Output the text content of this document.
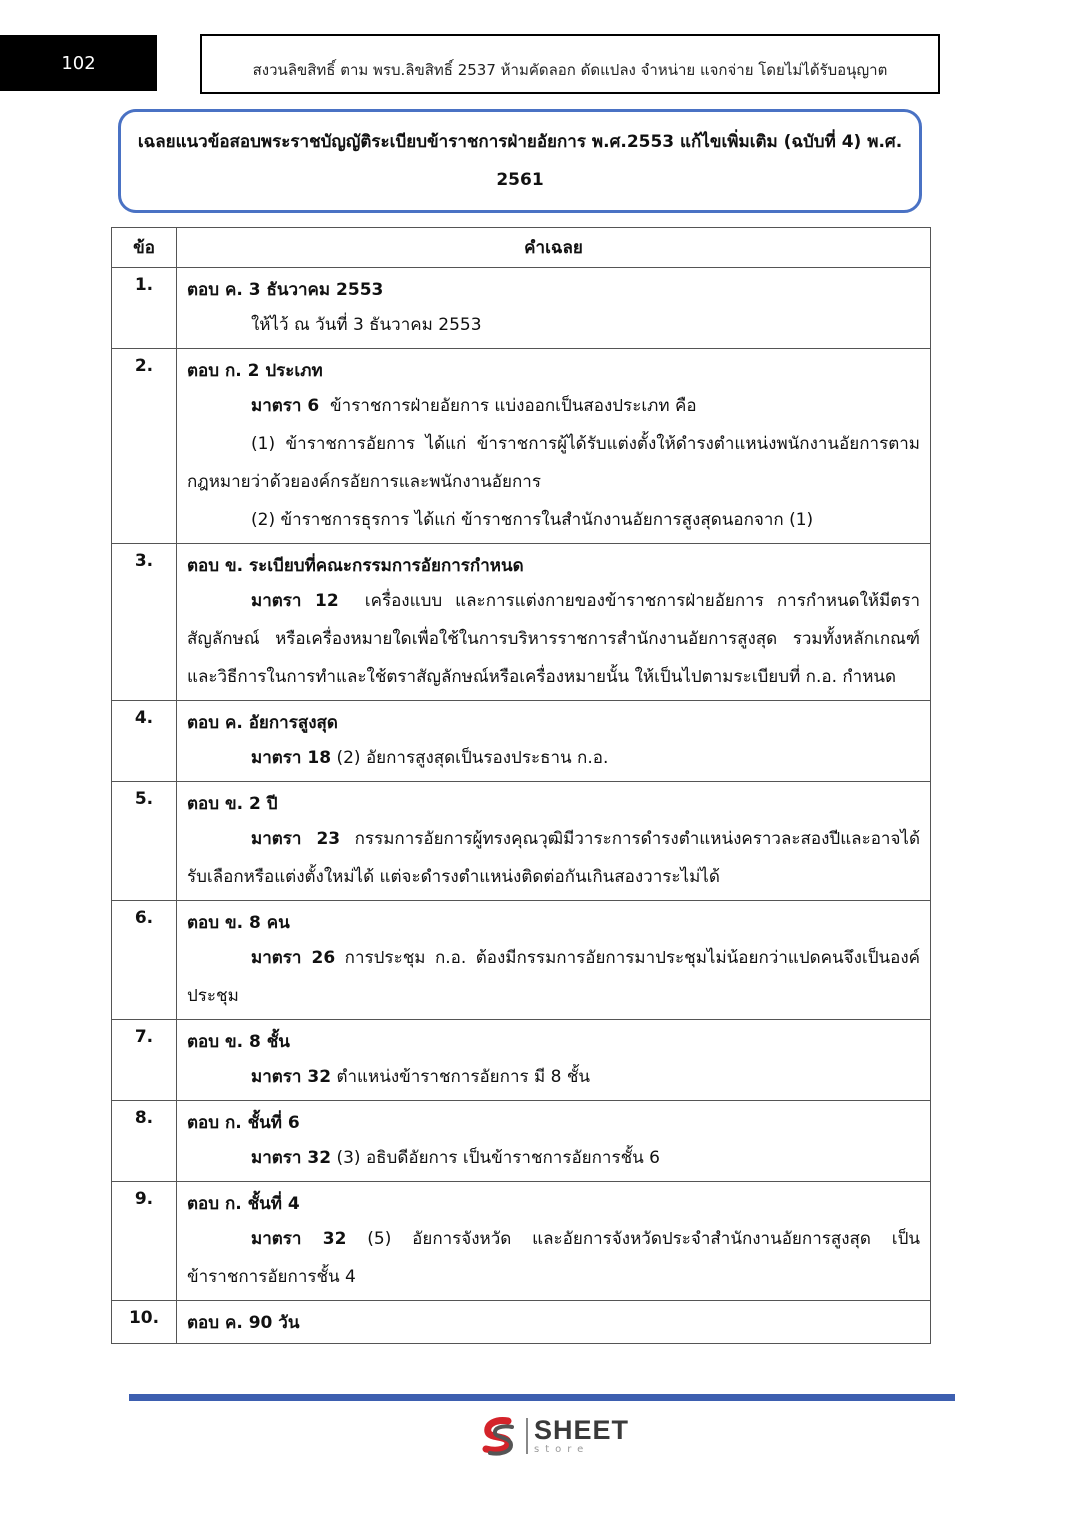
102	สงวนลิขสิทธิ์ ตาม พรบ.ลิขสิทธิ์ 2537 ห้ามคัดลอก ดัดแปลง จำหน่าย แจกจ่าย โดยไม่ได้รับอนุญาต
เฉลยแนวข้อสอบพระราชบัญญัติระเบียบข้าราชการฝ่ายอัยการ พ.ศ.2553 แก้ไขเพิ่มเติม (ฉบับที่ 4) พ.ศ.
2561
ข้อ	คำเฉลย
1.	ตอบ ค. 3 ธันวาคม 2553
ให้ไว้ ณ วันที่ 3 ธันวาคม 2553

2.	ตอบ ก. 2 ประเภท
มาตรา 6 ข้าราชการฝ่ายอัยการ แบ่งออกเป็นสองประเภท คือ
(1) ข้าราชการอัยการ ได้แก่ ข้าราชการผู้ได้รับแต่งตั้งให้ดำรงตำแหน่งพนักงานอัยการตามกฎหมายว่าด้วยองค์กรอัยการและพนักงานอัยการ
(2) ข้าราชการธุรการ ได้แก่ ข้าราชการในสำนักงานอัยการสูงสุดนอกจาก (1)

3.	ตอบ ข. ระเบียบที่คณะกรรมการอัยการกำหนด
มาตรา 12 เครื่องแบบ และการแต่งกายของข้าราชการฝ่ายอัยการ การกำหนดให้มีตราสัญลักษณ์ หรือเครื่องหมายใดเพื่อใช้ในการบริหารราชการสำนักงานอัยการสูงสุด รวมทั้งหลักเกณฑ์และวิธีการในการทำและใช้ตราสัญลักษณ์หรือเครื่องหมายนั้น ให้เป็นไปตามระเบียบที่ ก.อ. กำหนด

4.	ตอบ ค. อัยการสูงสุด
มาตรา 18 (2) อัยการสูงสุดเป็นรองประธาน ก.อ.

5.	ตอบ ข. 2 ปี
มาตรา 23 กรรมการอัยการผู้ทรงคุณวุฒิมีวาระการดำรงตำแหน่งคราวละสองปีและอาจได้รับเลือกหรือแต่งตั้งใหม่ได้ แต่จะดำรงตำแหน่งติดต่อกันเกินสองวาระไม่ได้

6.	ตอบ ข. 8 คน
มาตรา 26 การประชุม ก.อ. ต้องมีกรรมการอัยการมาประชุมไม่น้อยกว่าแปดคนจึงเป็นองค์ประชุม

7.	ตอบ ข. 8 ชั้น
มาตรา 32 ตำแหน่งข้าราชการอัยการ มี 8 ชั้น

8.	ตอบ ก. ชั้นที่ 6
มาตรา 32 (3) อธิบดีอัยการ เป็นข้าราชการอัยการชั้น 6

9.	ตอบ ก. ชั้นที่ 4
มาตรา 32 (5) อัยการจังหวัด และอัยการจังหวัดประจำสำนักงานอัยการสูงสุด เป็นข้าราชการอัยการชั้น 4

10.	ตอบ ค. 90 วัน
SHEET
store
